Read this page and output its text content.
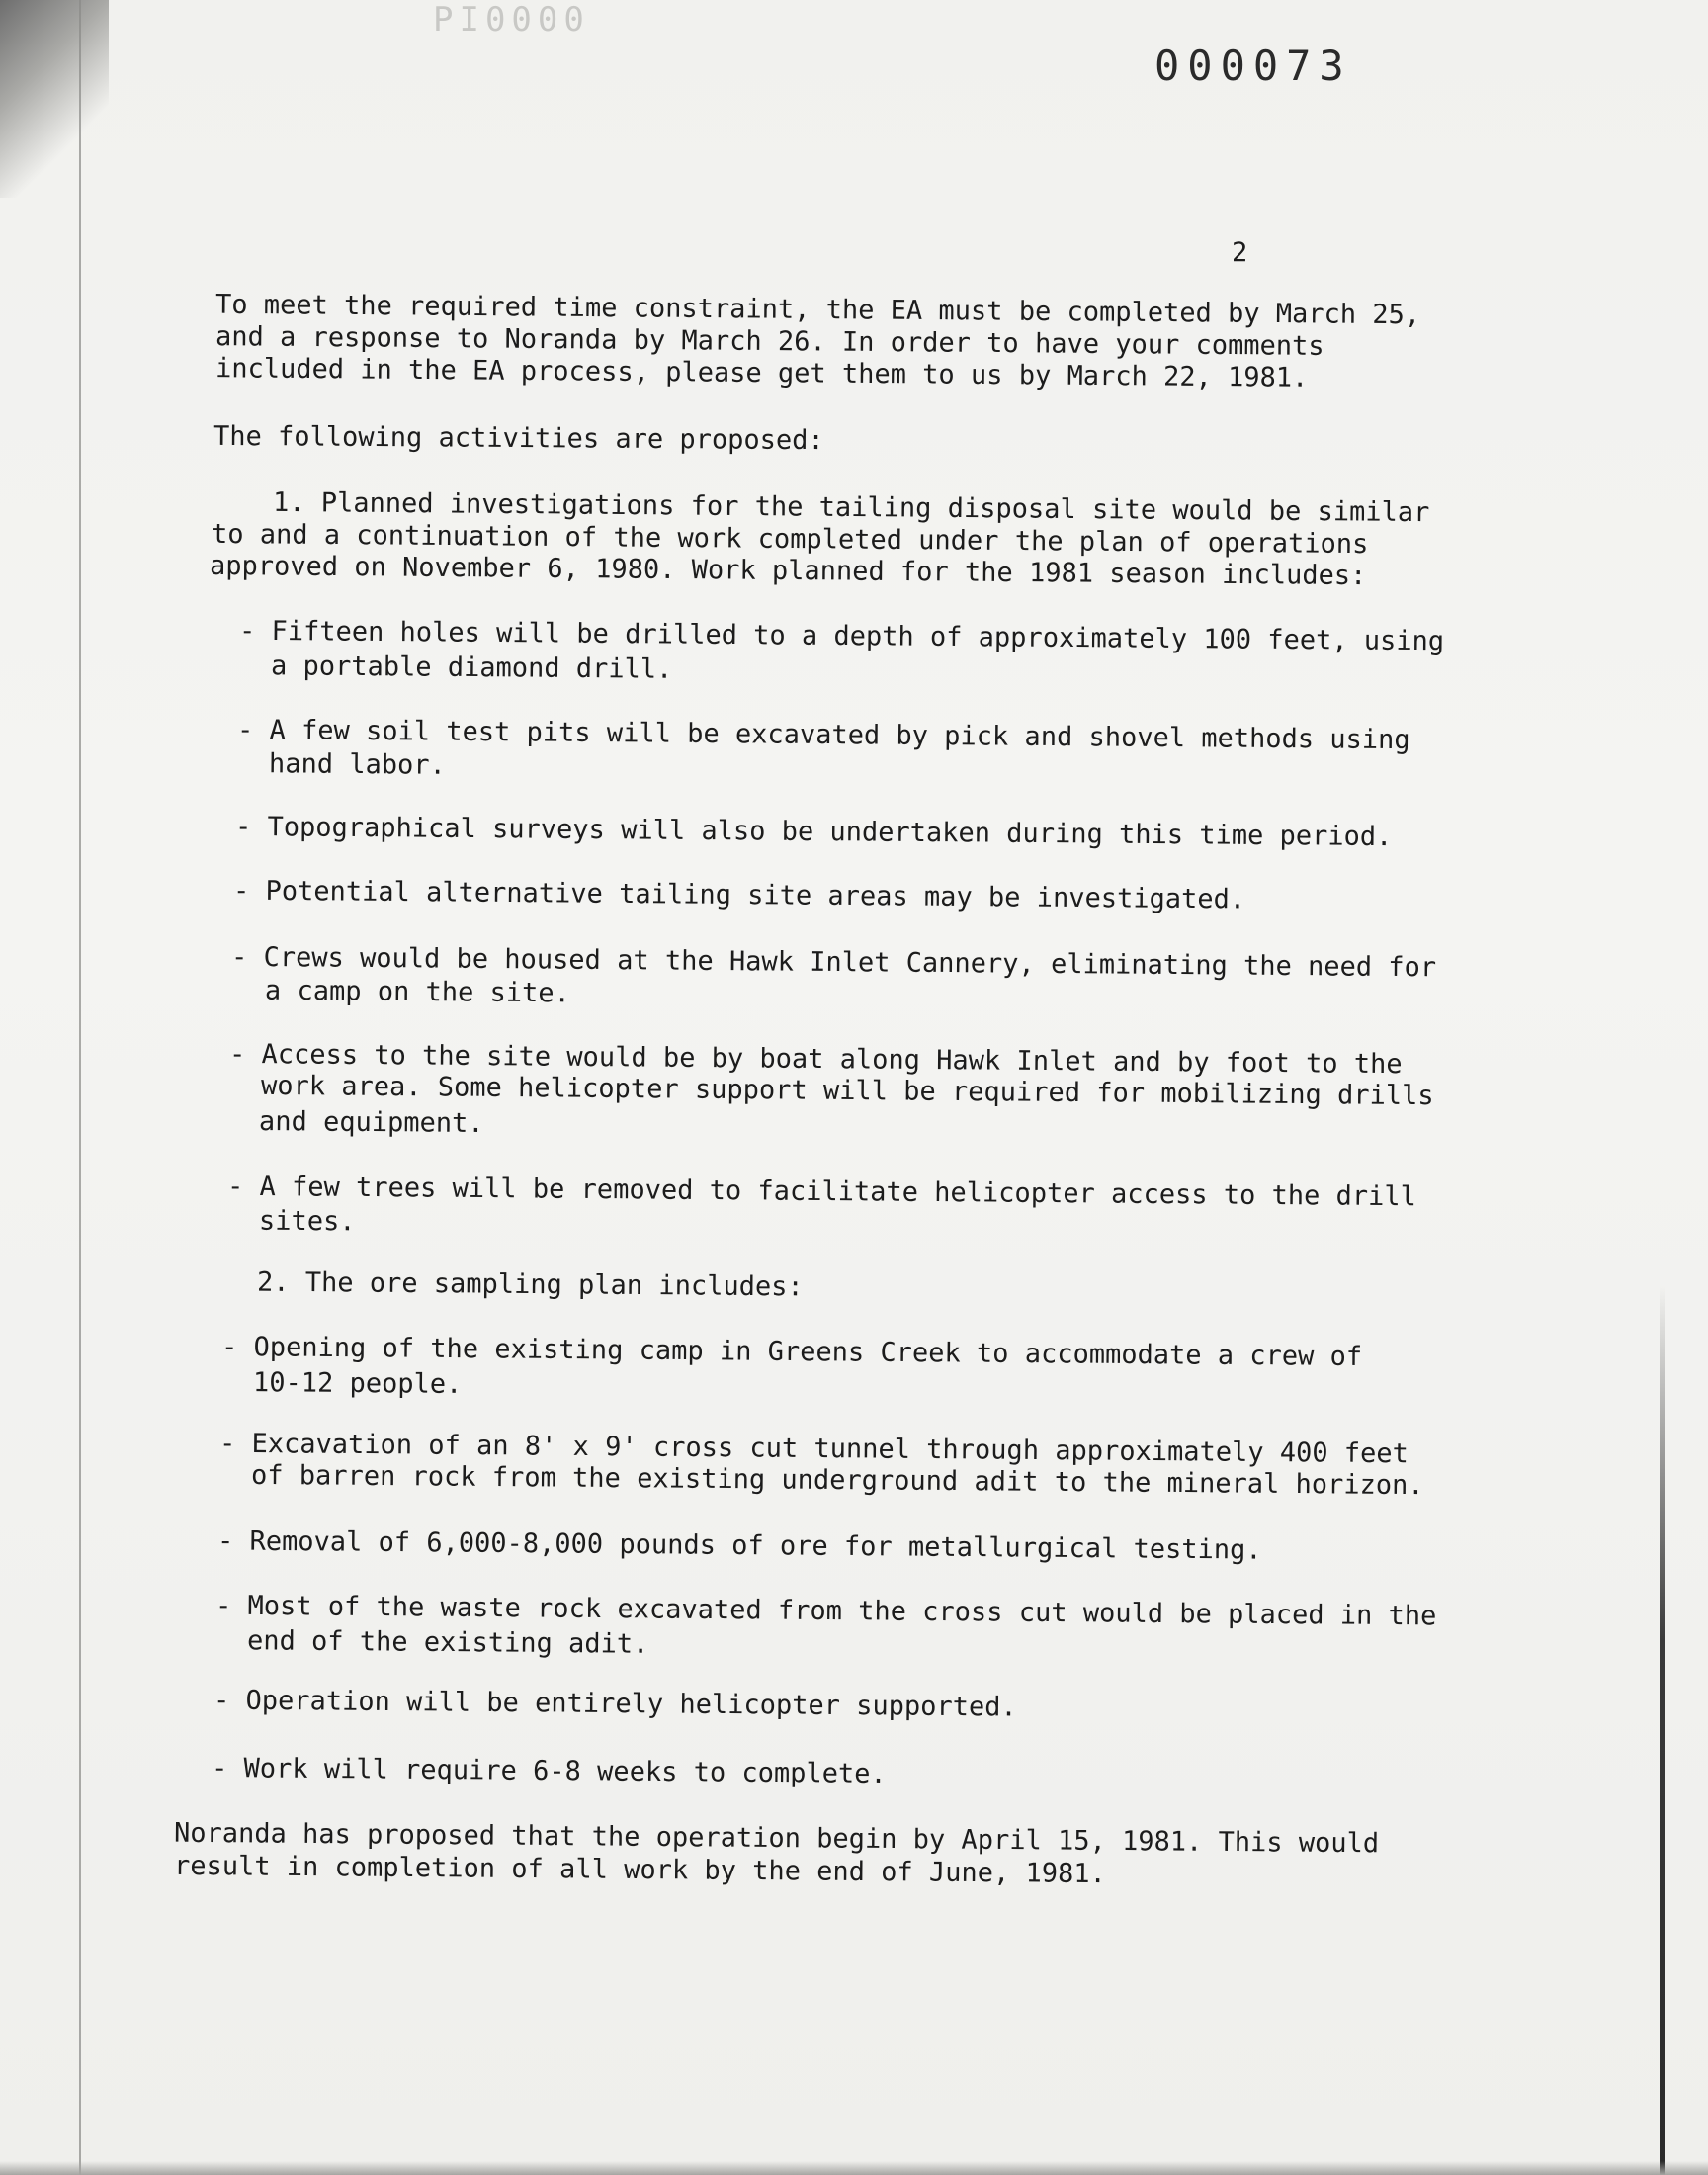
PI0000
000073
2
To meet the required time constraint, the EA must be completed by March 25,
and a response to Noranda by March 26. In order to have your comments
included in the EA process, please get them to us by March 22, 1981.
The following activities are proposed:
1. Planned investigations for the tailing disposal site would be similar
to and a continuation of the work completed under the plan of operations
approved on November 6, 1980. Work planned for the 1981 season includes:
- Fifteen holes will be drilled to a depth of approximately 100 feet, using
a portable diamond drill.
- A few soil test pits will be excavated by pick and shovel methods using
hand labor.
- Topographical surveys will also be undertaken during this time period.
- Potential alternative tailing site areas may be investigated.
- Crews would be housed at the Hawk Inlet Cannery, eliminating the need for
a camp on the site.
- Access to the site would be by boat along Hawk Inlet and by foot to the
work area. Some helicopter support will be required for mobilizing drills
and equipment.
- A few trees will be removed to facilitate helicopter access to the drill
sites.
2. The ore sampling plan includes:
- Opening of the existing camp in Greens Creek to accommodate a crew of
10-12 people.
- Excavation of an 8' x 9' cross cut tunnel through approximately 400 feet
of barren rock from the existing underground adit to the mineral horizon.
- Removal of 6,000-8,000 pounds of ore for metallurgical testing.
- Most of the waste rock excavated from the cross cut would be placed in the
end of the existing adit.
- Operation will be entirely helicopter supported.
- Work will require 6-8 weeks to complete.
Noranda has proposed that the operation begin by April 15, 1981. This would
result in completion of all work by the end of June, 1981.
